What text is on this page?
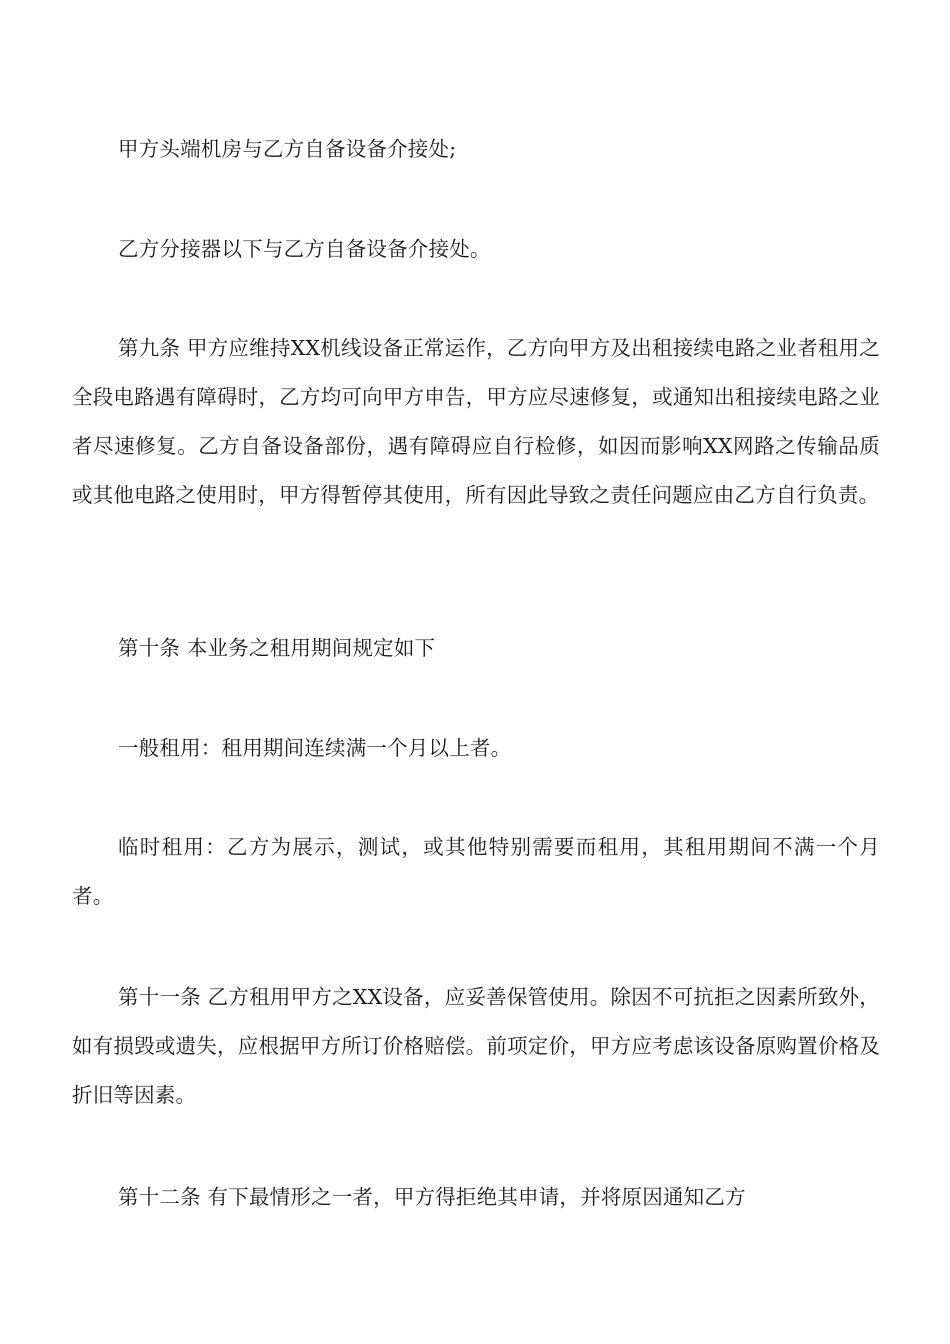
甲方头端机房与乙方自备设备介接处;

乙方分接器以下与乙方自备设备介接处。

第九条 甲方应维持XX机线设备正常运作，乙方向甲方及出租接续电路之业者租用之全段电路遇有障碍时，乙方均可向甲方申告，甲方应尽速修复，或通知出租接续电路之业者尽速修复。乙方自备设备部份，遇有障碍应自行检修，如因而影响XX网路之传输品质或其他电路之使用时，甲方得暂停其使用，所有因此导致之责任问题应由乙方自行负责。

第十条 本业务之租用期间规定如下

一般租用：租用期间连续满一个月以上者。

临时租用：乙方为展示，测试，或其他特别需要而租用，其租用期间不满一个月者。

第十一条 乙方租用甲方之XX设备，应妥善保管使用。除因不可抗拒之因素所致外，如有损毁或遗失，应根据甲方所订价格赔偿。前项定价，甲方应考虑该设备原购置价格及折旧等因素。

第十二条 有下最情形之一者，甲方得拒绝其申请，并将原因通知乙方
